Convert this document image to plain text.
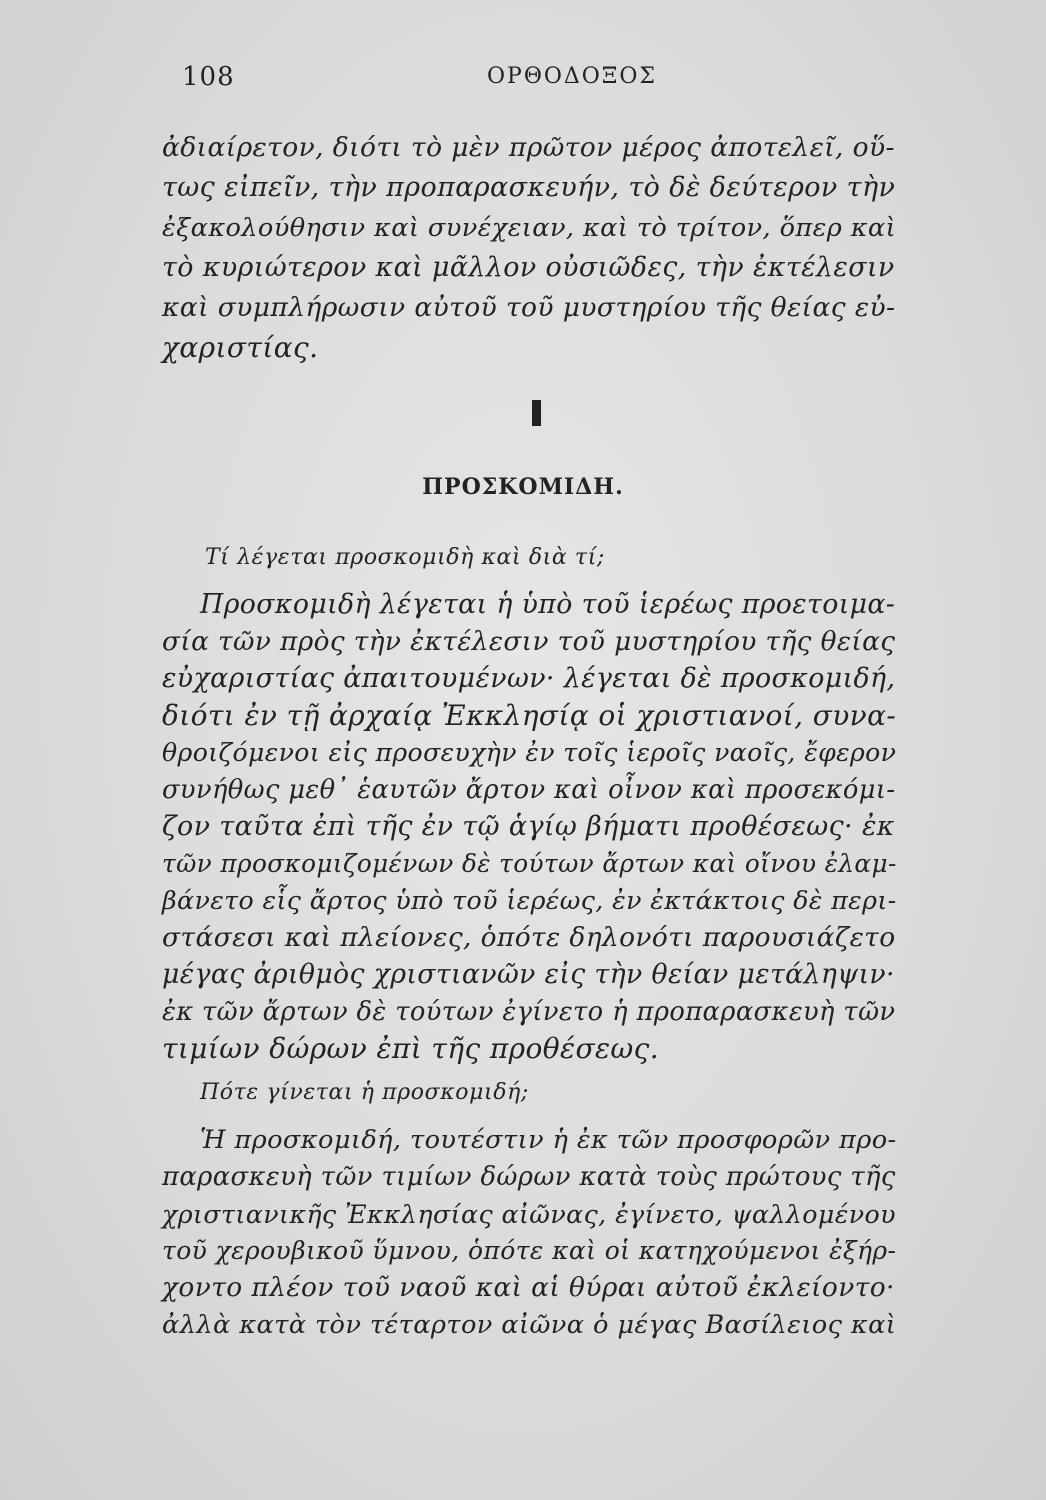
108	ΟΡΘΟΔΟΞΟΣ
ἀδιαίρετον, διότι τὸ μὲν πρῶτον μέρος ἀποτελεῖ, οὕ-
τως εἰπεῖν, τὴν προπαρασκευήν, τὸ δὲ δεύτερον τὴν
ἐξακολούθησιν καὶ συνέχειαν, καὶ τὸ τρίτον, ὅπερ καὶ
τὸ κυριώτερον καὶ μᾶλλον οὐσιῶδες, τὴν ἐκτέλεσιν
καὶ συμπλήρωσιν αὐτοῦ τοῦ μυστηρίου τῆς θείας εὐ-
χαριστίας.
ΠΡΟΣΚΟΜΙΔΗ.
Τί λέγεται προσκομιδὴ καὶ διὰ τί;
Προσκομιδὴ λέγεται ἡ ὑπὸ τοῦ ἱερέως προετοιμα-
σία τῶν πρὸς τὴν ἐκτέλεσιν τοῦ μυστηρίου τῆς θείας
εὐχαριστίας ἀπαιτουμένων· λέγεται δὲ προσκομιδή,
διότι ἐν τῇ ἀρχαίᾳ Ἐκκλησίᾳ οἱ χριστιανοί, συνα-
θροιζόμενοι εἰς προσευχὴν ἐν τοῖς ἱεροῖς ναοῖς, ἔφερον
συνήθως μεθ᾽ ἑαυτῶν ἄρτον καὶ οἶνον καὶ προσεκόμι-
ζον ταῦτα ἐπὶ τῆς ἐν τῷ ἁγίῳ βήματι προθέσεως· ἐκ
τῶν προσκομιζομένων δὲ τούτων ἄρτων καὶ οἴνου ἐλαμ-
βάνετο εἷς ἄρτος ὑπὸ τοῦ ἱερέως, ἐν ἐκτάκτοις δὲ περι-
στάσεσι καὶ πλείονες, ὁπότε δηλονότι παρουσιάζετο
μέγας ἀριθμὸς χριστιανῶν εἰς τὴν θείαν μετάληψιν·
ἐκ τῶν ἄρτων δὲ τούτων ἐγίνετο ἡ προπαρασκευὴ τῶν
τιμίων δώρων ἐπὶ τῆς προθέσεως.
Πότε γίνεται ἡ προσκομιδή;
Ἡ προσκομιδή, τουτέστιν ἡ ἐκ τῶν προσφορῶν προ-
παρασκευὴ τῶν τιμίων δώρων κατὰ τοὺς πρώτους τῆς
χριστιανικῆς Ἐκκλησίας αἰῶνας, ἐγίνετο, ψαλλομένου
τοῦ χερουβικοῦ ὕμνου, ὁπότε καὶ οἱ κατηχούμενοι ἐξήρ-
χοντο πλέον τοῦ ναοῦ καὶ αἱ θύραι αὐτοῦ ἐκλείοντο·
ἀλλὰ κατὰ τὸν τέταρτον αἰῶνα ὁ μέγας Βασίλειος καὶ
